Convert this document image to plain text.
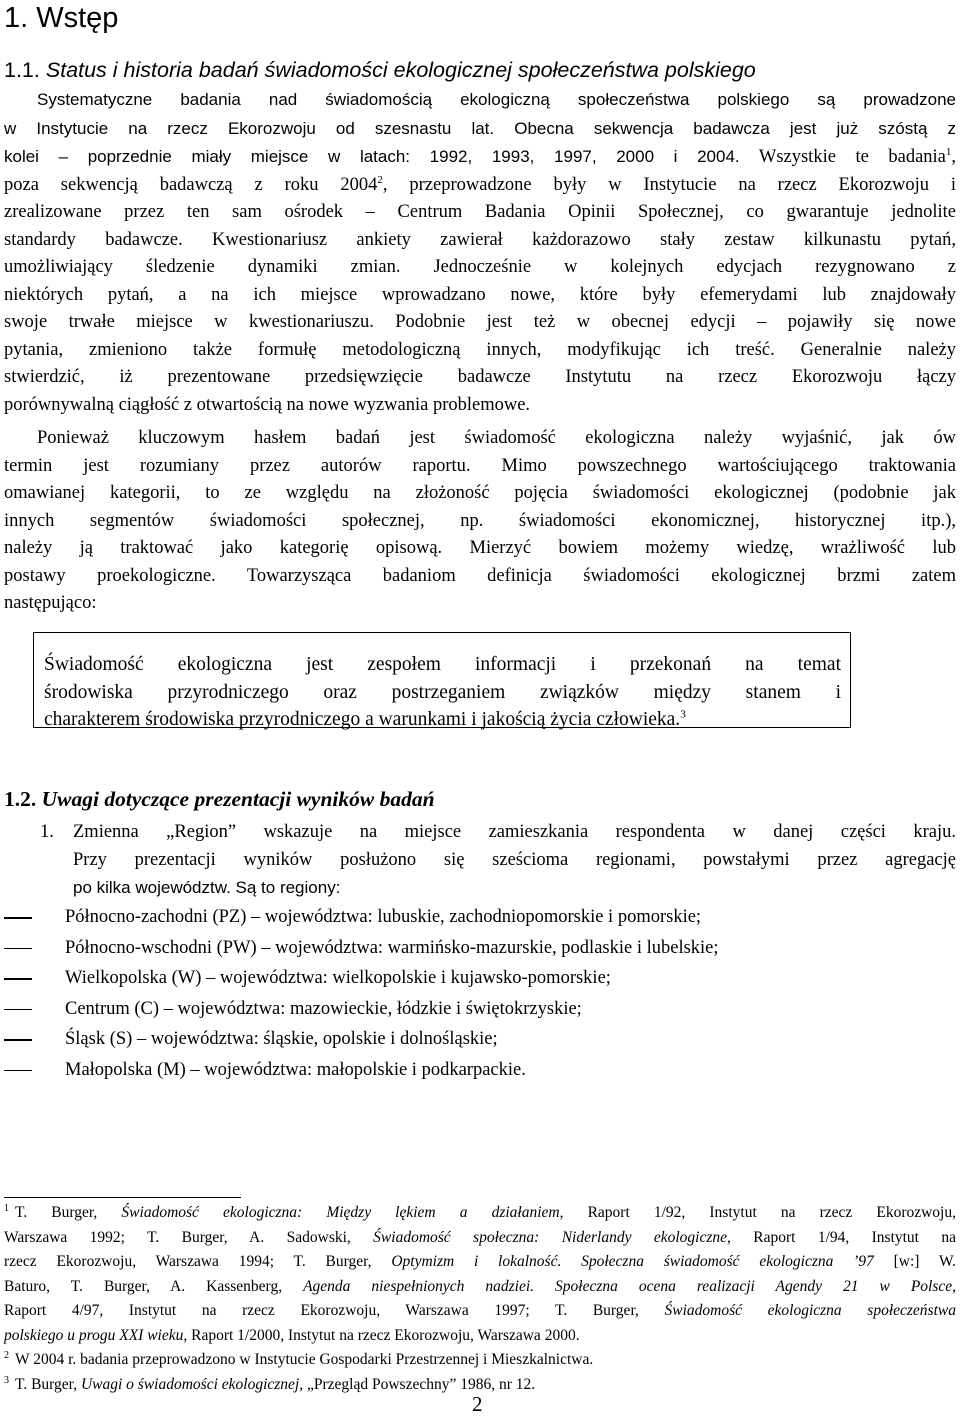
1. Wstęp
1.1. Status i historia badań świadomości ekologicznej społeczeństwa polskiego
Systematyczne badania nad świadomością ekologiczną społeczeństwa polskiego są prowadzone
w Instytucie na rzecz Ekorozwoju od szesnastu lat. Obecna sekwencja badawcza jest już szóstą z
kolei – poprzednie miały miejsce w latach: 1992, 1993, 1997, 2000 i 2004. Wszystkie te badania$^1$,
poza sekwencją badawczą z roku 2004$^2$, przeprowadzone były w Instytucie na rzecz Ekorozwoju i
zrealizowane przez ten sam ośrodek – Centrum Badania Opinii Społecznej, co gwarantuje jednolite
standardy badawcze. Kwestionariusz ankiety zawierał każdorazowo stały zestaw kilkunastu pytań,
umożliwiający śledzenie dynamiki zmian. Jednocześnie w kolejnych edycjach rezygnowano z
niektórych pytań, a na ich miejsce wprowadzano nowe, które były efemerydami lub znajdowały
swoje trwałe miejsce w kwestionariuszu. Podobnie jest też w obecnej edycji – pojawiły się nowe
pytania, zmieniono także formułę metodologiczną innych, modyfikując ich treść. Generalnie należy
stwierdzić, iż prezentowane przedsięwzięcie badawcze Instytutu na rzecz Ekorozwoju łączy
porównywalną ciągłość z otwartością na nowe wyzwania problemowe.
Ponieważ kluczowym hasłem badań jest świadomość ekologiczna należy wyjaśnić, jak ów
termin jest rozumiany przez autorów raportu. Mimo powszechnego wartościującego traktowania
omawianej kategorii, to ze względu na złożoność pojęcia świadomości ekologicznej (podobnie jak
innych segmentów świadomości społecznej, np. świadomości ekonomicznej, historycznej itp.),
należy ją traktować jako kategorię opisową. Mierzyć bowiem możemy wiedzę, wrażliwość lub
postawy proekologiczne. Towarzysząca badaniom definicja świadomości ekologicznej brzmi zatem
następująco:
Świadomość ekologiczna jest zespołem informacji i przekonań na temat
środowiska przyrodniczego oraz postrzeganiem związków między stanem i
charakterem środowiska przyrodniczego a warunkami i jakością życia człowieka.$^3$
1.2. Uwagi dotyczące prezentacji wyników badań
1. Zmienna „Region” wskazuje na miejsce zamieszkania respondenta w danej części kraju.
Przy prezentacji wyników posłużono się sześcioma regionami, powstałymi przez agregację
po kilka województw. Są to regiony:
Północno-zachodni (PZ) – województwa: lubuskie, zachodniopomorskie i pomorskie;
Północno-wschodni (PW) – województwa: warmińsko-mazurskie, podlaskie i lubelskie;
Wielkopolska (W) – województwa: wielkopolskie i kujawsko-pomorskie;
Centrum (C) – województwa: mazowieckie, łódzkie i świętokrzyskie;
Śląsk (S) – województwa: śląskie, opolskie i dolnośląskie;
Małopolska (M) – województwa: małopolskie i podkarpackie.
1 T. Burger, Świadomość ekologiczna: Między lękiem a działaniem, Raport 1/92, Instytut na rzecz Ekorozwoju,
Warszawa 1992; T. Burger, A. Sadowski, Świadomość społeczna: Niderlandy ekologiczne, Raport 1/94, Instytut na
rzecz Ekorozwoju, Warszawa 1994; T. Burger, Optymizm i lokalność. Społeczna świadomość ekologiczna ’97 [w:] W.
Baturo, T. Burger, A. Kassenberg, Agenda niespełnionych nadziei. Społeczna ocena realizacji Agendy 21 w Polsce,
Raport 4/97, Instytut na rzecz Ekorozwoju, Warszawa 1997; T. Burger, Świadomość ekologiczna społeczeństwa
polskiego u progu XXI wieku, Raport 1/2000, Instytut na rzecz Ekorozwoju, Warszawa 2000.
2 W 2004 r. badania przeprowadzono w Instytucie Gospodarki Przestrzennej i Mieszkalnictwa.
3 T. Burger, Uwagi o świadomości ekologicznej, „Przegląd Powszechny” 1986, nr 12.
2
